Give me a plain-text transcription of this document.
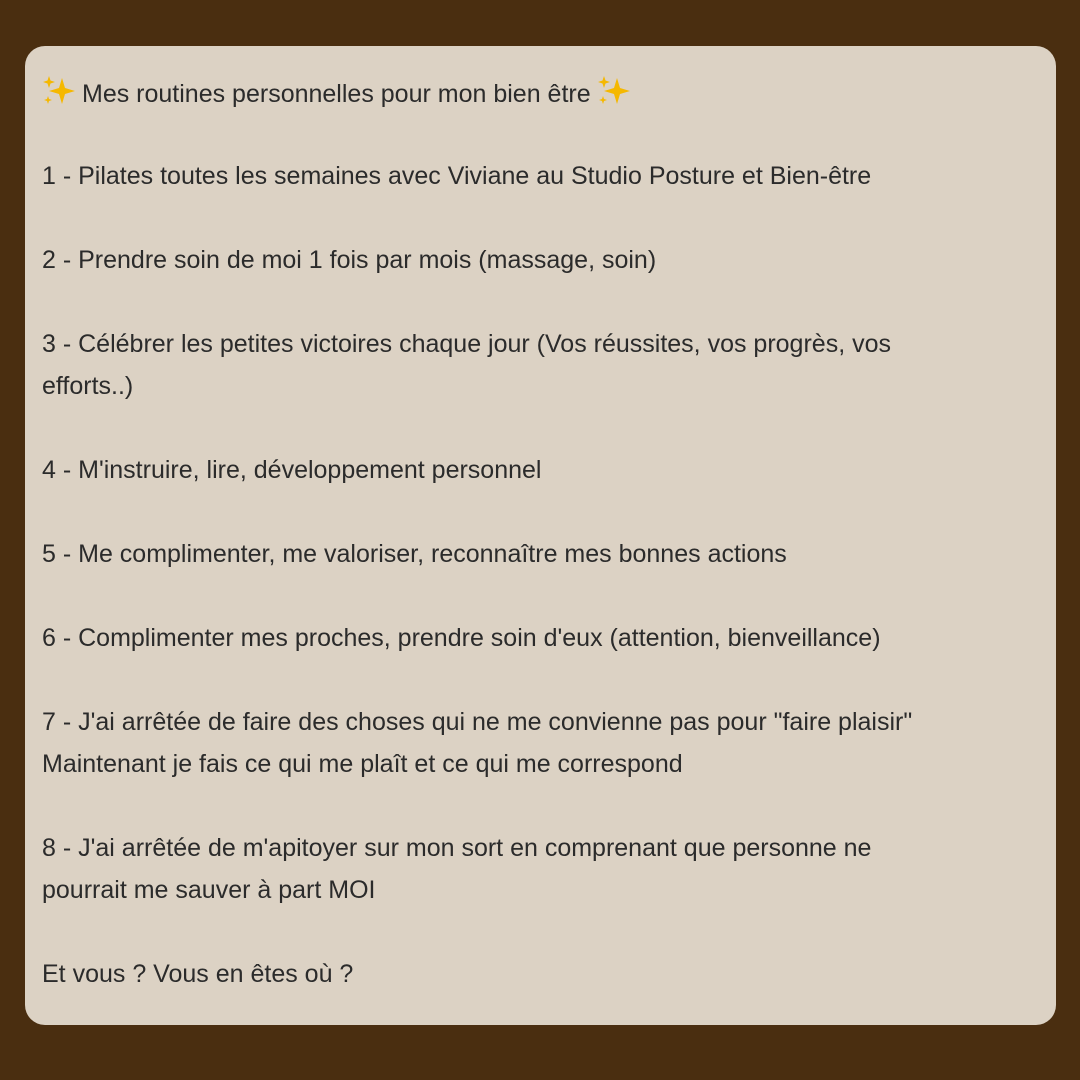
Mes routines personnelles pour mon bien être

1 - Pilates toutes les semaines avec Viviane au Studio Posture et Bien-être

2 - Prendre soin de moi 1 fois par mois (massage, soin)

3 - Célébrer les petites victoires chaque jour (Vos réussites, vos progrès, vos

efforts..)

4 - M'instruire, lire, développement personnel

5 - Me complimenter, me valoriser, reconnaître mes bonnes actions

6 - Complimenter mes proches, prendre soin d'eux (attention, bienveillance)

7 - J'ai arrêtée de faire des choses qui ne me convienne pas pour "faire plaisir"

Maintenant je fais ce qui me plaît et ce qui me correspond

8 - J'ai arrêtée de m'apitoyer sur mon sort en comprenant que personne ne

pourrait me sauver à part MOI

Et vous ? Vous en êtes où ?
